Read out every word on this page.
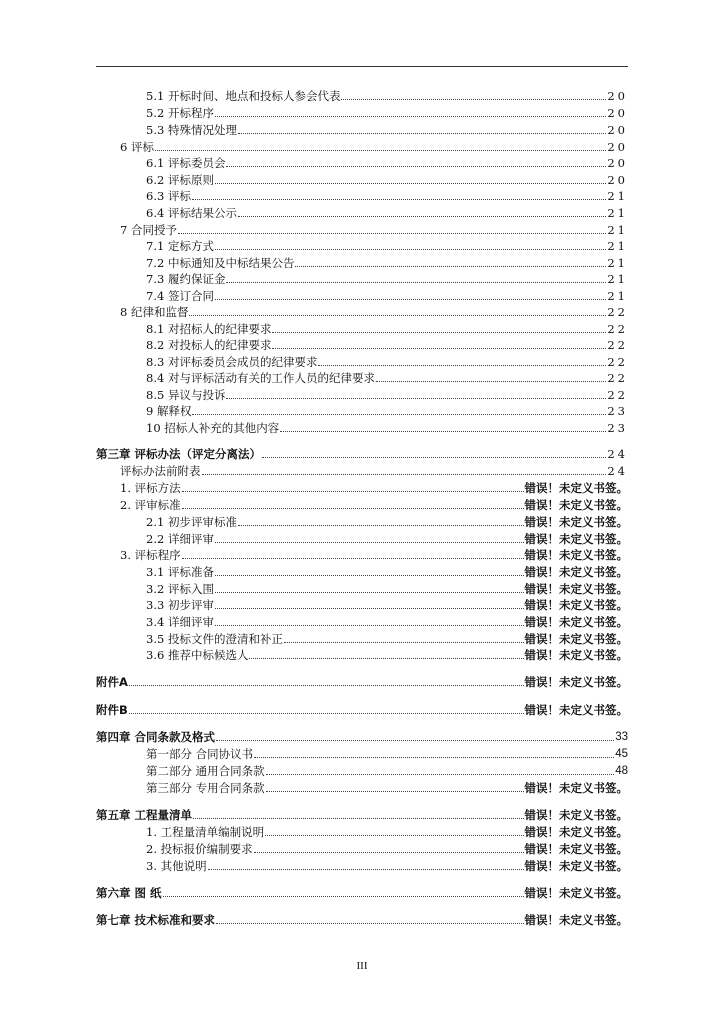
5.1 开标时间、地点和投标人参会代表	20
5.2 开标程序	20
5.3 特殊情况处理	20
6 评标	20
6.1 评标委员会	20
6.2 评标原则	20
6.3 评标	21
6.4 评标结果公示	21
7 合同授予	21
7.1 定标方式	21
7.2 中标通知及中标结果公告	21
7.3 履约保证金	21
7.4 签订合同	21
8 纪律和监督	22
8.1 对招标人的纪律要求	22
8.2 对投标人的纪律要求	22
8.3 对评标委员会成员的纪律要求	22
8.4 对与评标活动有关的工作人员的纪律要求	22
8.5 异议与投诉	22
9 解释权	23
10 招标人补充的其他内容	23
第三章 评标办法（评定分离法）	24
评标办法前附表	24
1. 评标方法	错误！未定义书签。
2. 评审标准	错误！未定义书签。
2.1 初步评审标准	错误！未定义书签。
2.2 详细评审	错误！未定义书签。
3. 评标程序	错误！未定义书签。
3.1 评标准备	错误！未定义书签。
3.2 评标入围	错误！未定义书签。
3.3 初步评审	错误！未定义书签。
3.4 详细评审	错误！未定义书签。
3.5 投标文件的澄清和补正	错误！未定义书签。
3.6 推荐中标候选人	错误！未定义书签。
附件A	错误！未定义书签。
附件B	错误！未定义书签。
第四章 合同条款及格式	33
第一部分 合同协议书	45
第二部分 通用合同条款	48
第三部分 专用合同条款	错误！未定义书签。
第五章 工程量清单	错误！未定义书签。
1. 工程量清单编制说明	错误！未定义书签。
2. 投标报价编制要求	错误！未定义书签。
3. 其他说明	错误！未定义书签。
第六章 图 纸	错误！未定义书签。
第七章 技术标准和要求	错误！未定义书签。
III
